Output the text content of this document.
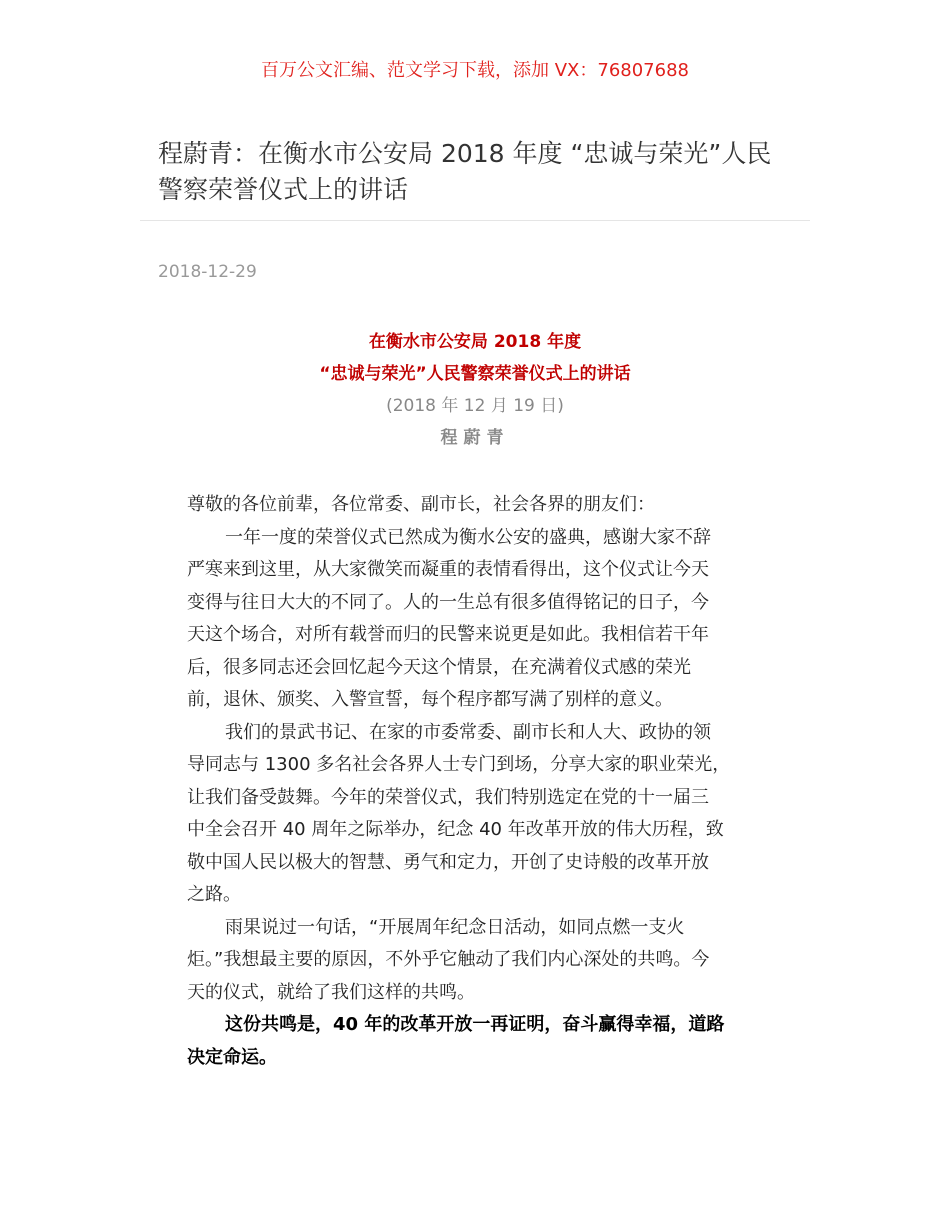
百万公文汇编、范文学习下载，添加 VX：76807688
程蔚青：在衡水市公安局 2018 年度 “忠诚与荣光”人民
警察荣誉仪式上的讲话
2018-12-29
在衡水市公安局 2018 年度
“忠诚与荣光”人民警察荣誉仪式上的讲话
(2018 年 12 月 19 日)
程蔚青
尊敬的各位前辈，各位常委、副市长，社会各界的朋友们：
一年一度的荣誉仪式已然成为衡水公安的盛典，感谢大家不辞
严寒来到这里，从大家微笑而凝重的表情看得出，这个仪式让今天
变得与往日大大的不同了。人的一生总有很多值得铭记的日子，今
天这个场合，对所有载誉而归的民警来说更是如此。我相信若干年
后，很多同志还会回忆起今天这个情景，在充满着仪式感的荣光
前，退休、颁奖、入警宣誓，每个程序都写满了别样的意义。
我们的景武书记、在家的市委常委、副市长和人大、政协的领
导同志与 1300 多名社会各界人士专门到场，分享大家的职业荣光，
让我们备受鼓舞。今年的荣誉仪式，我们特别选定在党的十一届三
中全会召开 40 周年之际举办，纪念 40 年改革开放的伟大历程，致
敬中国人民以极大的智慧、勇气和定力，开创了史诗般的改革开放
之路。
雨果说过一句话，“开展周年纪念日活动，如同点燃一支火
炬。”我想最主要的原因，不外乎它触动了我们内心深处的共鸣。今
天的仪式，就给了我们这样的共鸣。
这份共鸣是，40 年的改革开放一再证明，奋斗赢得幸福，道路
决定命运。
